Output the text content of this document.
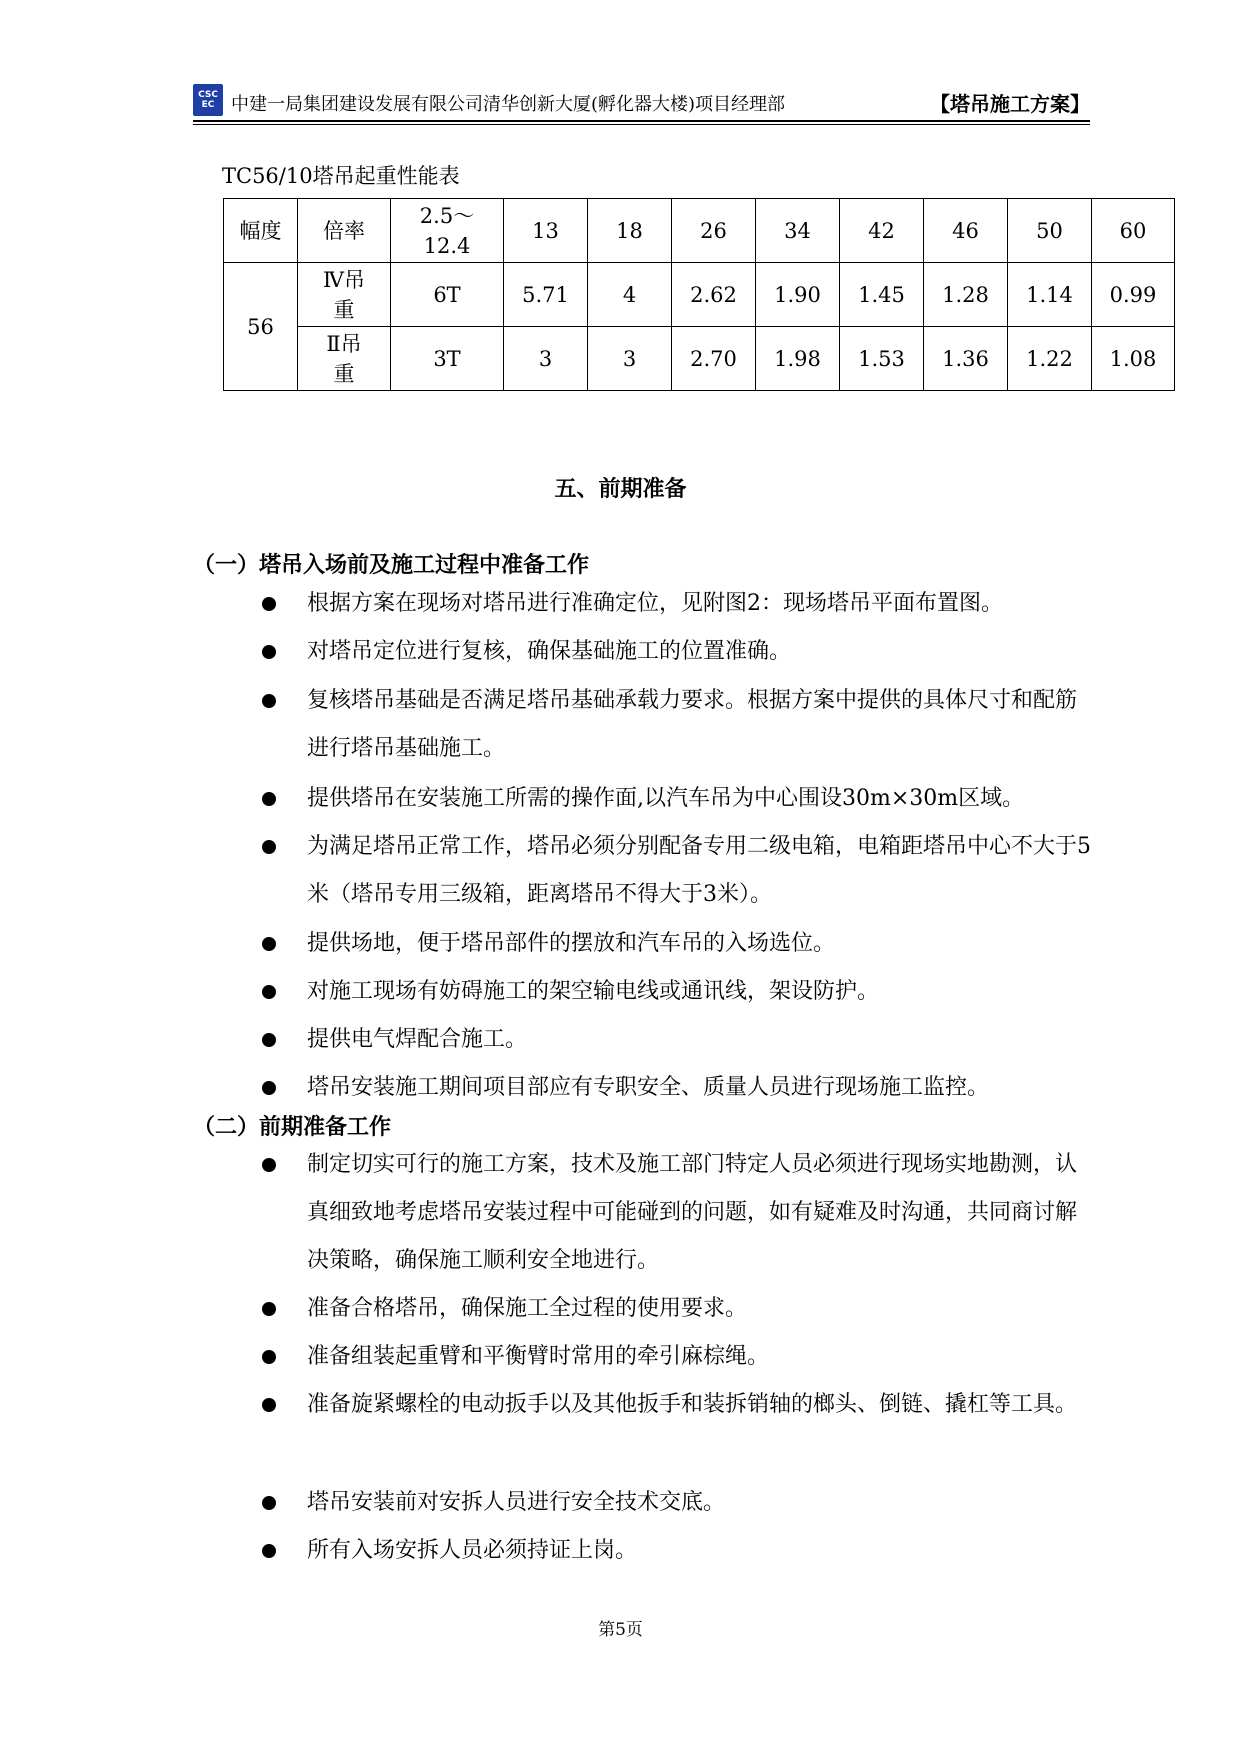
CSC
EC 中建一局集团建设发展有限公司清华创新大厦(孵化器大楼)项目经理部	【塔吊施工方案】
TC56/10塔吊起重性能表
幅度	倍率	2.5～12.4	13	18	26	34	42	46	50	60
56	Ⅳ吊重	6T	5.71	4	2.62	1.90	1.45	1.28	1.14	0.99
	Ⅱ吊重	3T	3	3	2.70	1.98	1.53	1.36	1.22	1.08
五、前期准备
（一）塔吊入场前及施工过程中准备工作
根据方案在现场对塔吊进行准确定位，见附图2：现场塔吊平面布置图。
对塔吊定位进行复核，确保基础施工的位置准确。
复核塔吊基础是否满足塔吊基础承载力要求。根据方案中提供的具体尺寸和配筋进行塔吊基础施工。
提供塔吊在安装施工所需的操作面,以汽车吊为中心围设30m×30m区域。
为满足塔吊正常工作，塔吊必须分别配备专用二级电箱，电箱距塔吊中心不大于5米（塔吊专用三级箱，距离塔吊不得大于3米）。
提供场地，便于塔吊部件的摆放和汽车吊的入场选位。
对施工现场有妨碍施工的架空输电线或通讯线，架设防护。
提供电气焊配合施工。
塔吊安装施工期间项目部应有专职安全、质量人员进行现场施工监控。
（二）前期准备工作
制定切实可行的施工方案，技术及施工部门特定人员必须进行现场实地勘测，认真细致地考虑塔吊安装过程中可能碰到的问题，如有疑难及时沟通，共同商讨解决策略，确保施工顺利安全地进行。
准备合格塔吊，确保施工全过程的使用要求。
准备组装起重臂和平衡臂时常用的牵引麻棕绳。
准备旋紧螺栓的电动扳手以及其他扳手和装拆销轴的榔头、倒链、撬杠等工具。
塔吊安装前对安拆人员进行安全技术交底。
所有入场安拆人员必须持证上岗。
第5页
